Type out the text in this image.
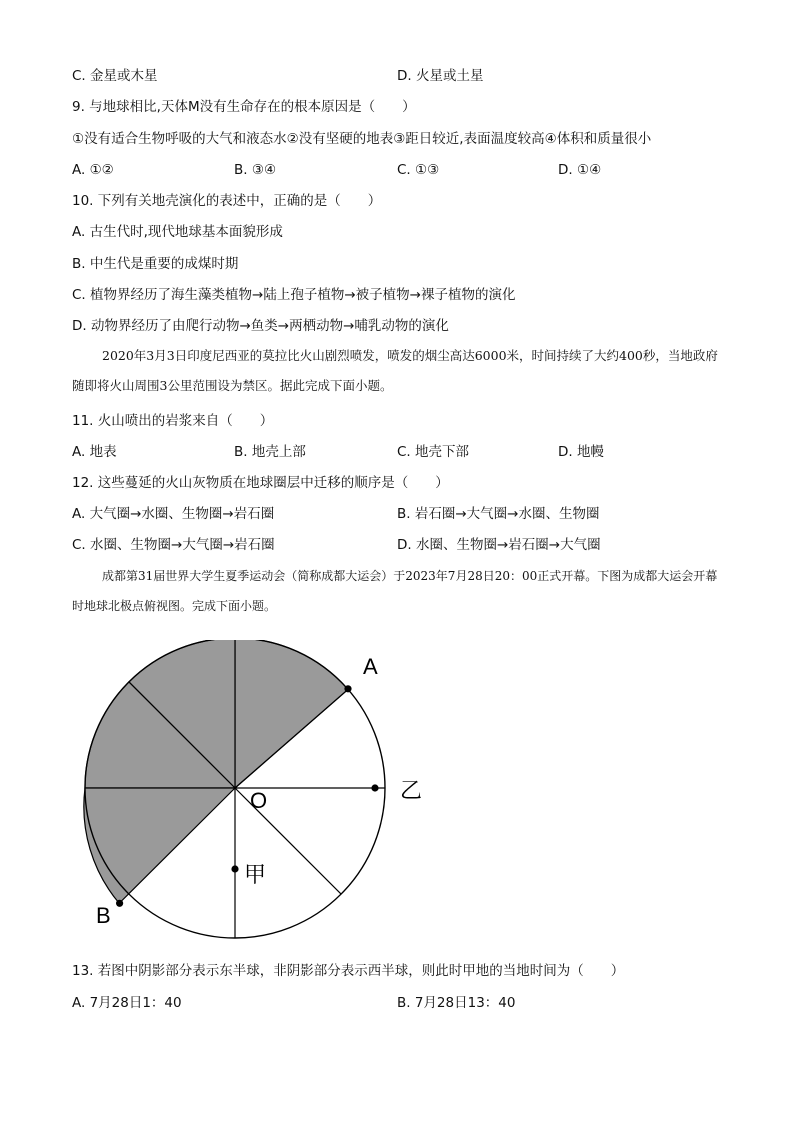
C. 金星或木星	D. 火星或土星
9. 与地球相比,天体M没有生命存在的根本原因是（　　）
①没有适合生物呼吸的大气和液态水②没有坚硬的地表③距日较近,表面温度较高④体积和质量很小
A. ①②	B. ③④	C. ①③	D. ①④
10. 下列有关地壳演化的表述中，正确的是（　　）
A. 古生代时,现代地球基本面貌形成
B. 中生代是重要的成煤时期
C. 植物界经历了海生藻类植物→陆上孢子植物→被子植物→裸子植物的演化
D. 动物界经历了由爬行动物→鱼类→两栖动物→哺乳动物的演化
2020年3月3日印度尼西亚的莫拉比火山剧烈喷发，喷发的烟尘高达6000米，时间持续了大约400秒，当地政府随即将火山周围3公里范围设为禁区。据此完成下面小题。
11. 火山喷出的岩浆来自（　　）
A. 地表	B. 地壳上部	C. 地壳下部	D. 地幔
12. 这些蔓延的火山灰物质在地球圈层中迁移的顺序是（　　）
A. 大气圈→水圈、生物圈→岩石圈	B. 岩石圈→大气圈→水圈、生物圈
C. 水圈、生物圈→大气圈→岩石圈	D. 水圈、生物圈→岩石圈→大气圈
成都第31届世界大学生夏季运动会（简称成都大运会）于2023年7月28日20：00正式开幕。下图为成都大运会开幕时地球北极点俯视图。完成下面小题。
A
B
O	乙
甲
13. 若图中阴影部分表示东半球，非阴影部分表示西半球，则此时甲地的当地时间为（　　）
A. 7月28日1：40	B. 7月28日13：40
